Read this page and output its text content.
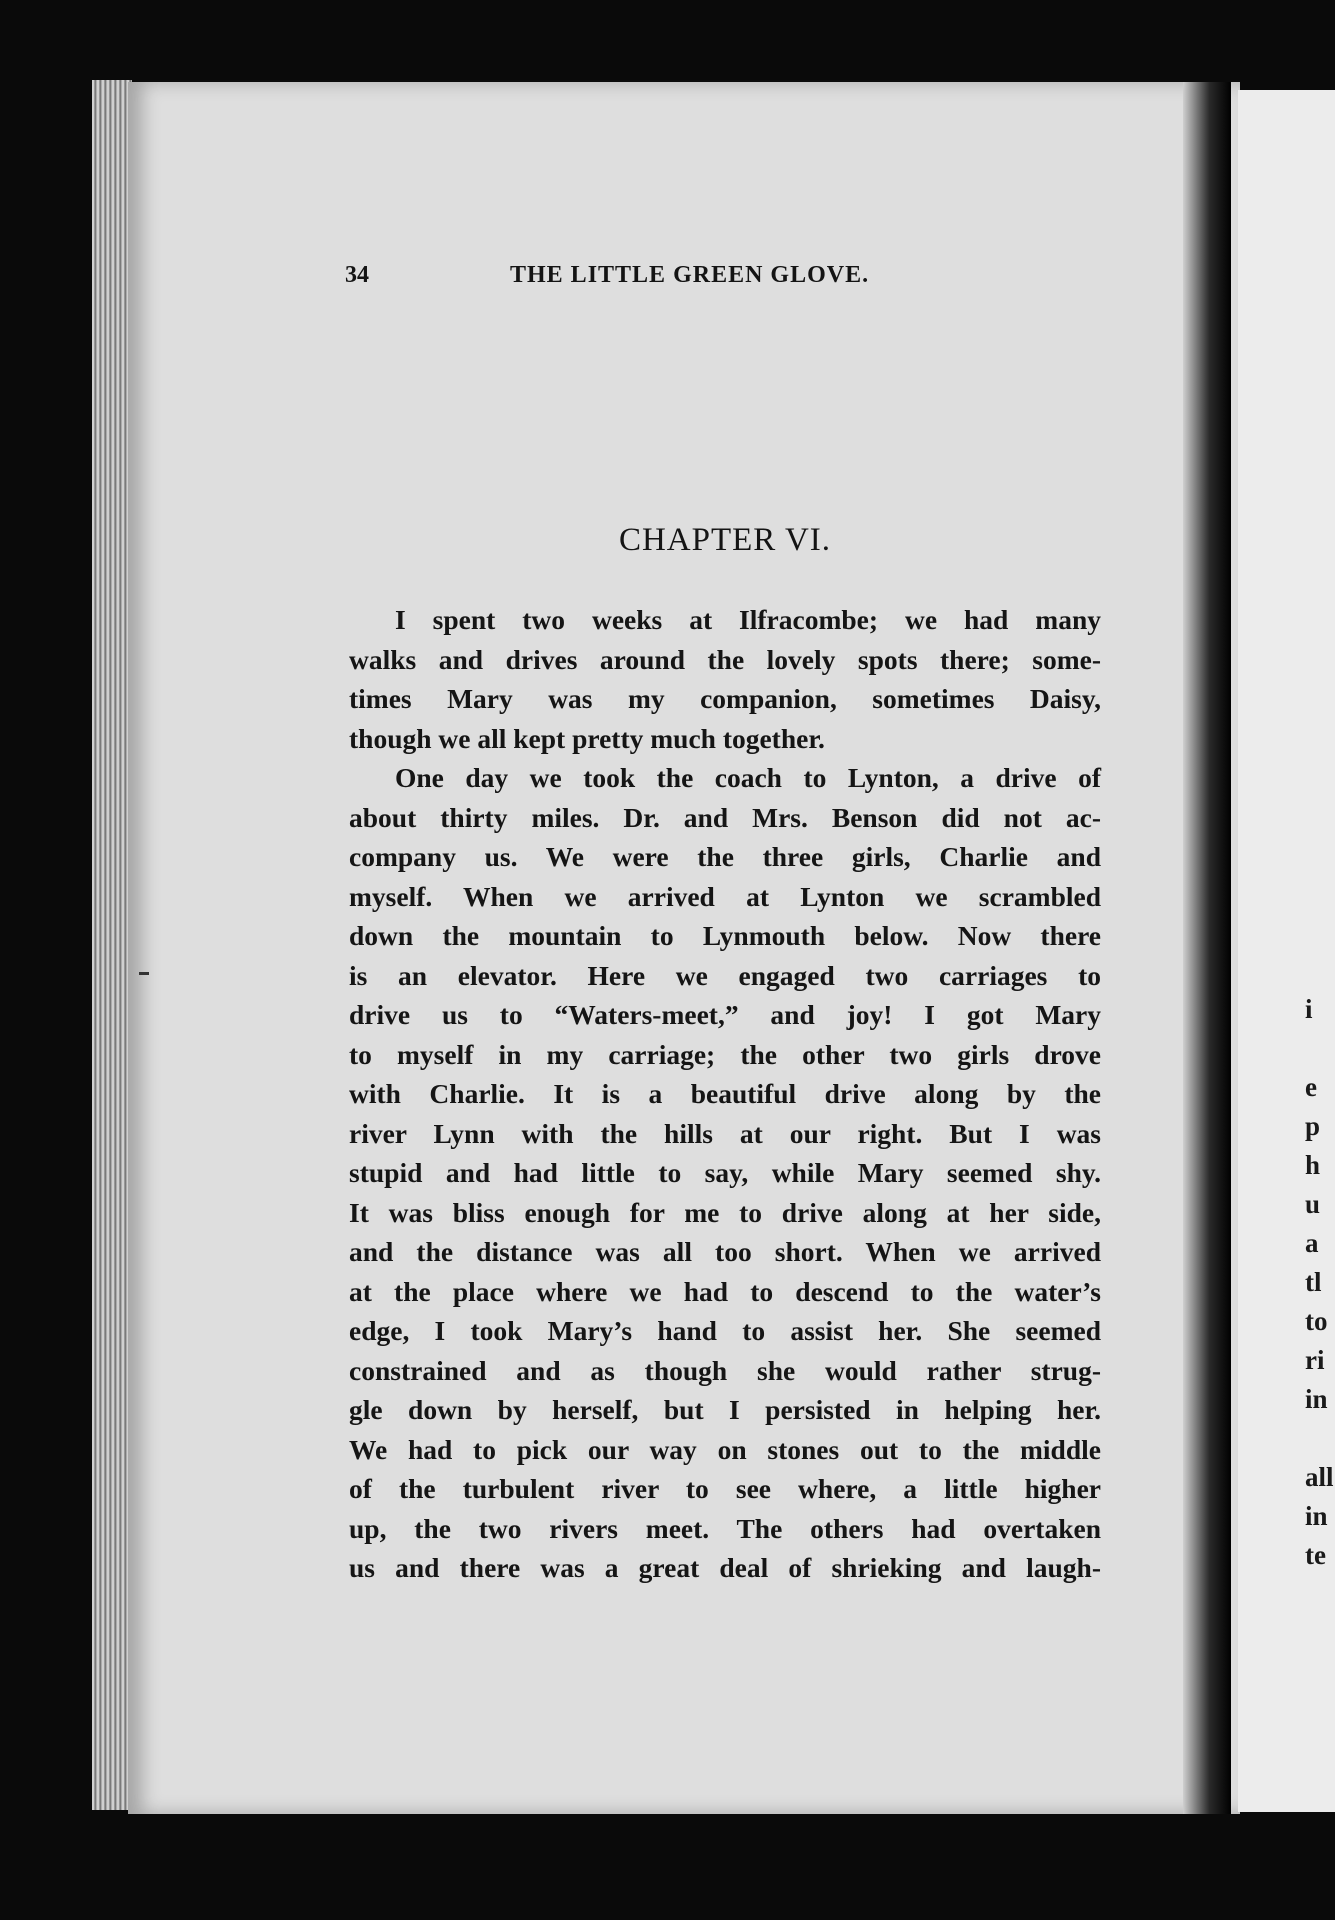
i
e
p
h
u
a
tl
to
ri
in
all
in
te
34	THE LITTLE GREEN GLOVE.
CHAPTER VI.
I spent two weeks at Ilfracombe; we had many
walks and drives around the lovely spots there; some-
times Mary was my companion, sometimes Daisy,
though we all kept pretty much together.
One day we took the coach to Lynton, a drive of
about thirty miles. Dr. and Mrs. Benson did not ac-
company us. We were the three girls, Charlie and
myself. When we arrived at Lynton we scrambled
down the mountain to Lynmouth below. Now there
is an elevator. Here we engaged two carriages to
drive us to “Waters-meet,” and joy! I got Mary
to myself in my carriage; the other two girls drove
with Charlie. It is a beautiful drive along by the
river Lynn with the hills at our right. But I was
stupid and had little to say, while Mary seemed shy.
It was bliss enough for me to drive along at her side,
and the distance was all too short. When we arrived
at the place where we had to descend to the water’s
edge, I took Mary’s hand to assist her. She seemed
constrained and as though she would rather strug-
gle down by herself, but I persisted in helping her.
We had to pick our way on stones out to the middle
of the turbulent river to see where, a little higher
up, the two rivers meet. The others had overtaken
us and there was a great deal of shrieking and laugh-
